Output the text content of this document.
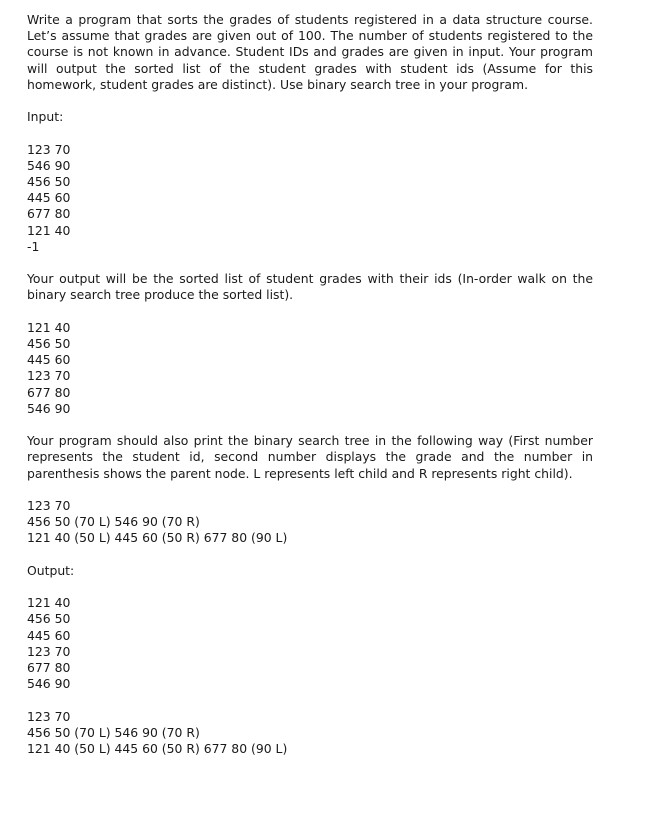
Write a program that sorts the grades of students registered in a data structure course. Let’s assume that grades are given out of 100. The number of students registered to the course is not known in advance. Student IDs and grades are given in input. Your program will output the sorted list of the student grades with student ids (Assume for this homework, student grades are distinct). Use binary search tree in your program.

Input:

123 70

546 90

456 50

445 60

677 80

121 40

-1

Your output will be the sorted list of student grades with their ids (In-order walk on the binary search tree produce the sorted list).

121 40

456 50

445 60

123 70

677 80

546 90

Your program should also print the binary search tree in the following way (First number represents the student id, second number displays the grade and the number in parenthesis shows the parent node. L represents left child and R represents right child).

123 70

456 50 (70 L) 546 90 (70 R)

121 40 (50 L) 445 60 (50 R) 677 80 (90 L)

Output:

121 40

456 50

445 60

123 70

677 80

546 90

123 70

456 50 (70 L) 546 90 (70 R)

121 40 (50 L) 445 60 (50 R) 677 80 (90 L)
